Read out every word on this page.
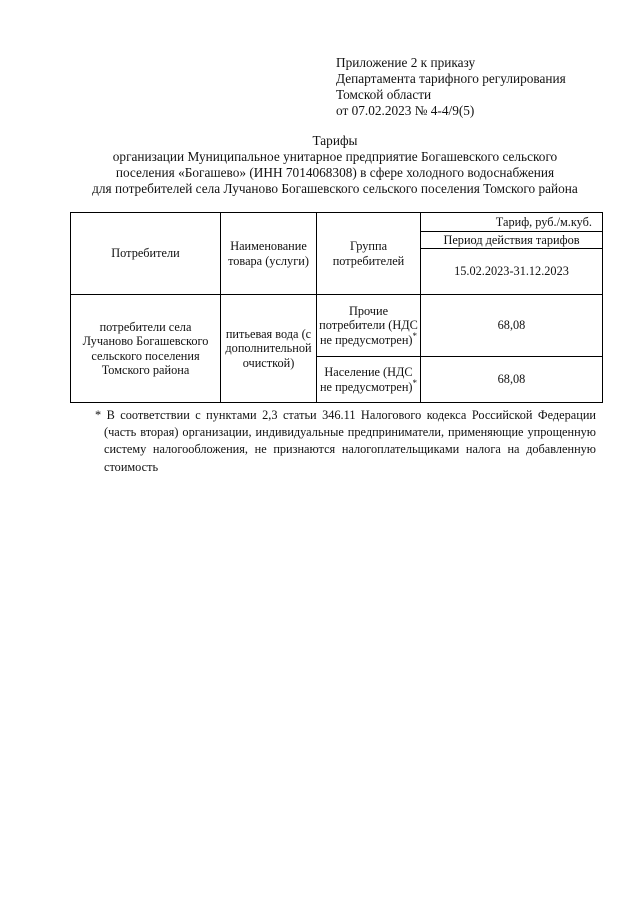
Приложение 2 к приказу
Департамента тарифного регулирования
Томской области
от 07.02.2023 № 4-4/9(5)
Тарифы
организации Муниципальное унитарное предприятие Богашевского сельского
поселения «Богашево» (ИНН 7014068308) в сфере холодного водоснабжения
для потребителей села Лучаново Богашевского сельского поселения Томского района
Потребители	Наименование товара (услуги)	Группа потребителей	Тариф, руб./м.куб.
			Период действия тарифов
			15.02.2023-31.12.2023
потребители села Лучаново Богашевского сельского поселения Томского района	питьевая вода (с дополнительной очисткой)	Прочие потребители (НДС не предусмотрен)*	68,08
		Население (НДС не предусмотрен)*	68,08
* В соответствии с пунктами 2,3 статьи 346.11 Налогового кодекса Российской Федерации (часть вторая) организации, индивидуальные предприниматели, применяющие упрощенную систему налогообложения, не признаются налогоплательщиками налога на добавленную стоимость
